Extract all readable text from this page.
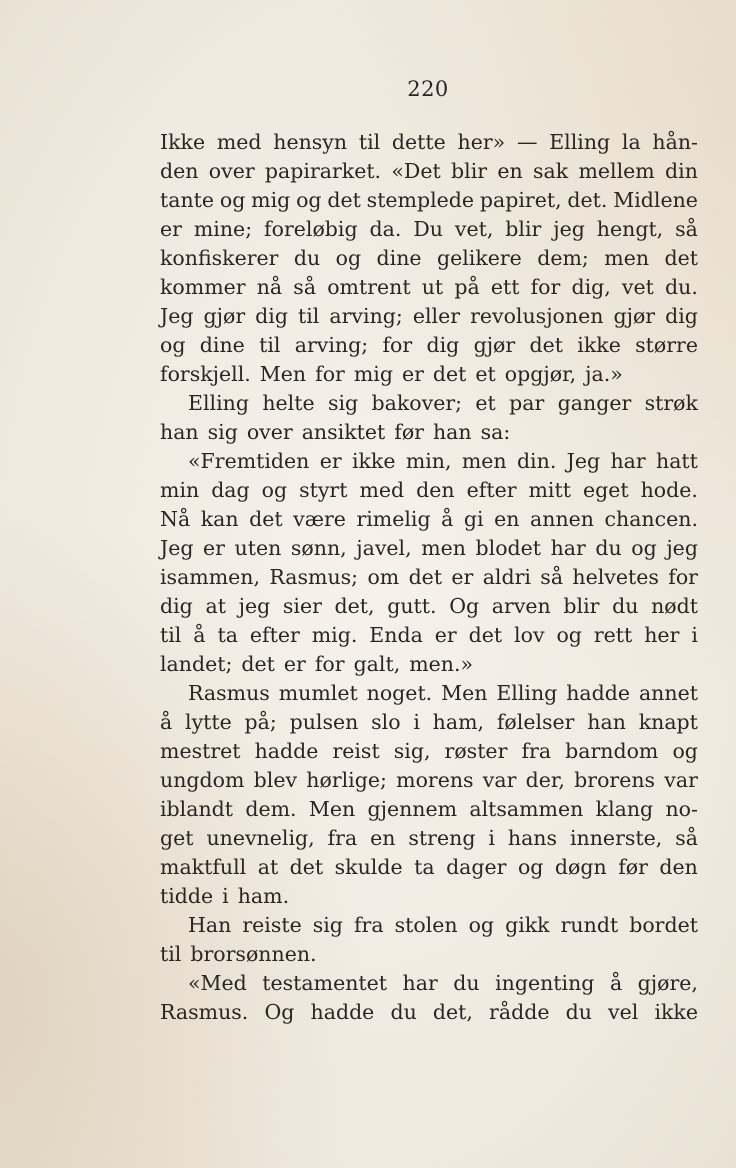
220
Ikke med hensyn til dette her» — Elling la hån-
den over papirarket. «Det blir en sak mellem din
tante og mig og det stemplede papiret, det. Midlene
er mine; foreløbig da. Du vet, blir jeg hengt, så
konfiskerer du og dine gelikere dem; men det
kommer nå så omtrent ut på ett for dig, vet du.
Jeg gjør dig til arving; eller revolusjonen gjør dig
og dine til arving; for dig gjør det ikke større
forskjell. Men for mig er det et opgjør, ja.»
Elling helte sig bakover; et par ganger strøk
han sig over ansiktet før han sa:
«Fremtiden er ikke min, men din. Jeg har hatt
min dag og styrt med den efter mitt eget hode.
Nå kan det være rimelig å gi en annen chancen.
Jeg er uten sønn, javel, men blodet har du og jeg
isammen, Rasmus; om det er aldri så helvetes for
dig at jeg sier det, gutt. Og arven blir du nødt
til å ta efter mig. Enda er det lov og rett her i
landet; det er for galt, men.»
Rasmus mumlet noget. Men Elling hadde annet
å lytte på; pulsen slo i ham, følelser han knapt
mestret hadde reist sig, røster fra barndom og
ungdom blev hørlige; morens var der, brorens var
iblandt dem. Men gjennem altsammen klang no-
get unevnelig, fra en streng i hans innerste, så
maktfull at det skulde ta dager og døgn før den
tidde i ham.
Han reiste sig fra stolen og gikk rundt bordet
til brorsønnen.
«Med testamentet har du ingenting å gjøre,
Rasmus. Og hadde du det, rådde du vel ikke
